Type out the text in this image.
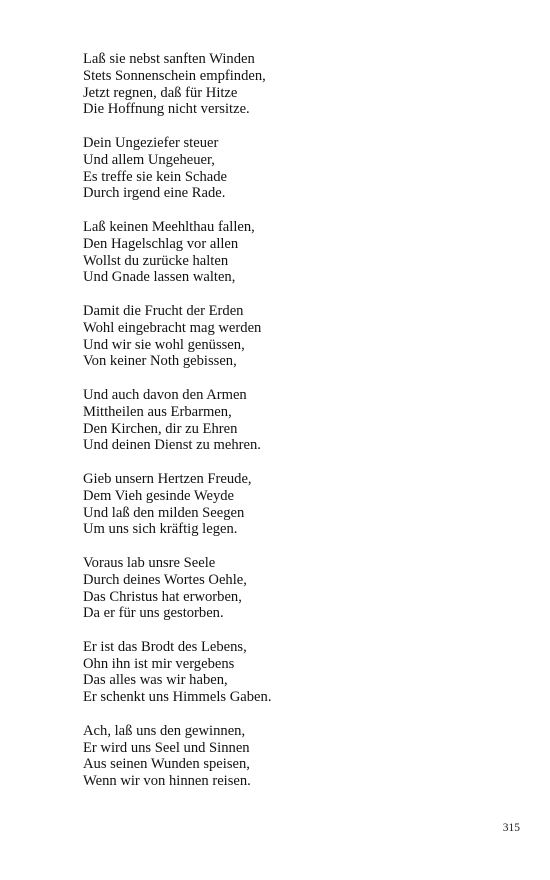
Laß sie nebst sanften Winden
Stets Sonnenschein empfinden,
Jetzt regnen, daß für Hitze
Die Hoffnung nicht versitze.
Dein Ungeziefer steuer
Und allem Ungeheuer,
Es treffe sie kein Schade
Durch irgend eine Rade.
Laß keinen Meehlthau fallen,
Den Hagelschlag vor allen
Wollst du zurücke halten
Und Gnade lassen walten,
Damit die Frucht der Erden
Wohl eingebracht mag werden
Und wir sie wohl genüssen,
Von keiner Noth gebissen,
Und auch davon den Armen
Mittheilen aus Erbarmen,
Den Kirchen, dir zu Ehren
Und deinen Dienst zu mehren.
Gieb unsern Hertzen Freude,
Dem Vieh gesinde Weyde
Und laß den milden Seegen
Um uns sich kräftig legen.
Voraus lab unsre Seele
Durch deines Wortes Oehle,
Das Christus hat erworben,
Da er für uns gestorben.
Er ist das Brodt des Lebens,
Ohn ihn ist mir vergebens
Das alles was wir haben,
Er schenkt uns Himmels Gaben.
Ach, laß uns den gewinnen,
Er wird uns Seel und Sinnen
Aus seinen Wunden speisen,
Wenn wir von hinnen reisen.
315
